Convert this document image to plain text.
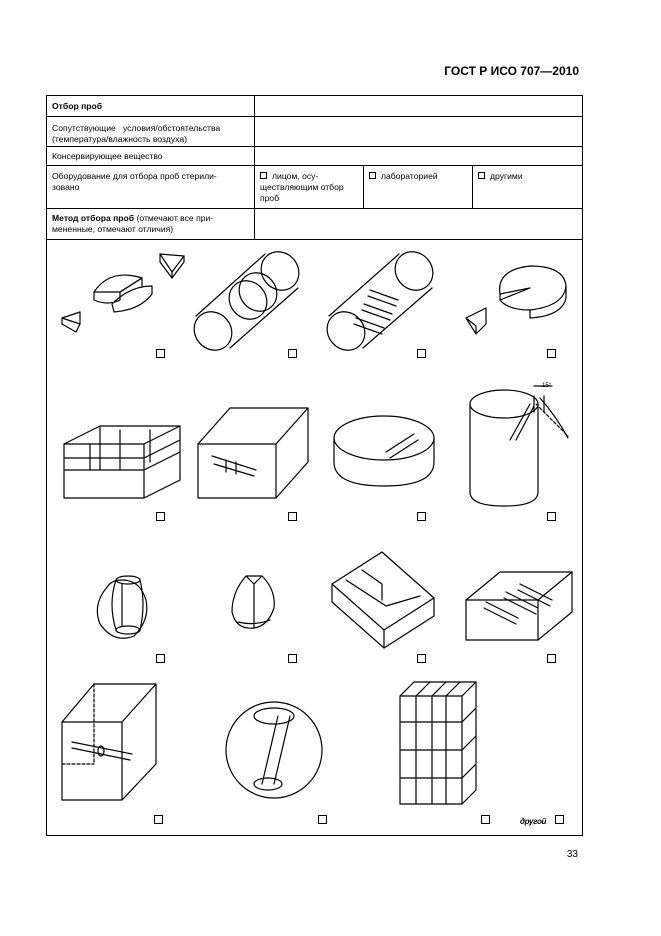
ГОСТ Р ИСО 707—2010
Отбор проб
Сопутствующие   условия/обстоятельства
(температура/влажность воздуха)
Консервирующее вещество
Оборудование для отбора проб стерили-
зовано
лицом, осу-
ществляющим отбор
проб
лабораторией	другими
Метод отбора проб (отмечают все при-
мененные, отмечают отличия)
15°
другой
33
